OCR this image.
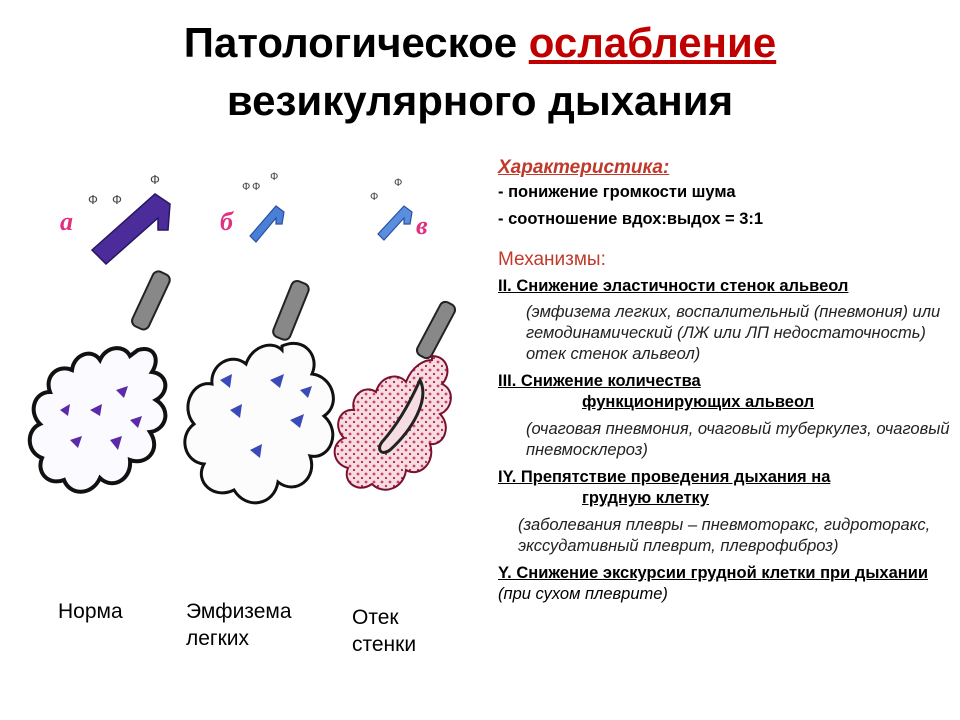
Патологическое ослабление
везикулярного дыхания
а	б	в
Ф Ф
Ф	Ф Ф
Ф
Ф
Ф
Норма	Эмфизема
легких
Отек
стенки

Характеристика:

- понижение громкости шума

- соотношение вдох:выдох = 3:1

Механизмы:

II. Снижение эластичности стенок альвеол

(эмфизема легких, воспалительный (пневмония) или гемодинамический (ЛЖ или ЛП недостаточность) отек стенок альвеол)

III. Снижение количества
функционирующих альвеол

(очаговая пневмония, очаговый туберкулез, очаговый пневмосклероз)

IY. Препятствие проведения дыхания на
грудную клетку

(заболевания плевры – пневмоторакс, гидроторакс, экссудативный плеврит, плеврофиброз)

Y. Снижение экскурсии грудной клетки при дыхании (при сухом плеврите)
